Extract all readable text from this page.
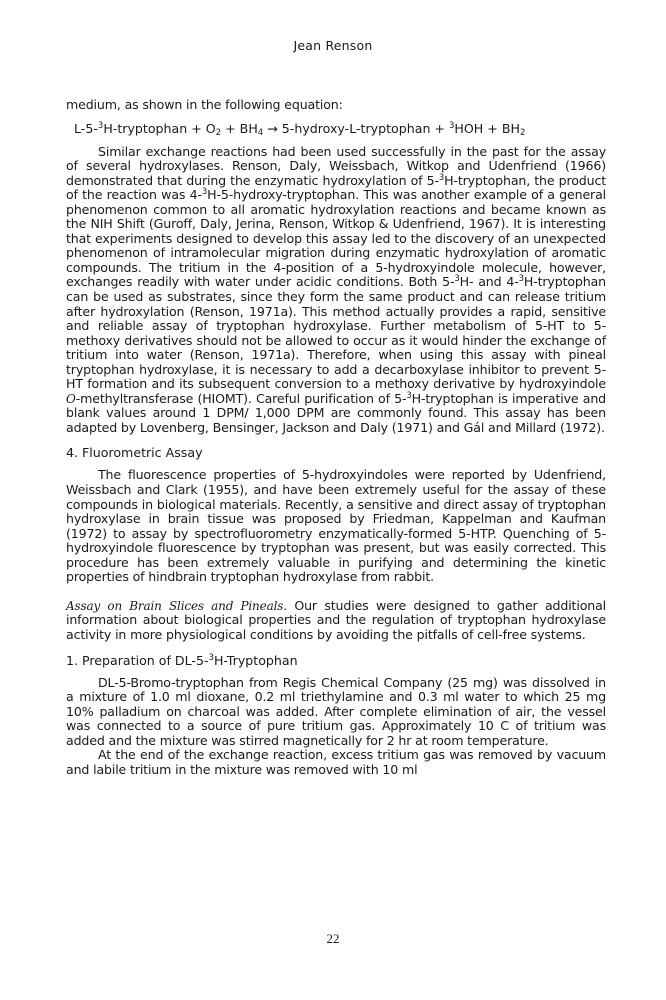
Jean Renson

medium, as shown in the following equation:

L-5-$^3$H-tryptophan + $O_2 + BH_4$ → 5-hydroxy-L-tryptophan + $^3HOH + BH_2$

Similar exchange reactions had been used successfully in the past for the assay of several hydroxylases. Renson, Daly, Weissbach, Witkop and Udenfriend (1966) demonstrated that during the enzymatic hydroxylation of 5-$^3$H-tryptophan, the product of the reaction was 4-$^3$H-5-hydroxy-tryptophan. This was another example of a general phenomenon common to all aromatic hydroxylation reactions and became known as the NIH Shift (Guroff, Daly, Jerina, Renson, Witkop & Udenfriend, 1967). It is interesting that experiments designed to develop this assay led to the discovery of an unexpected phenomenon of intramolecular migration during enzymatic hydroxylation of aromatic compounds. The tritium in the 4-position of a 5-hydroxyindole molecule, however, exchanges readily with water under acidic conditions. Both 5-$^3$H- and 4-$^3$H-tryptophan can be used as substrates, since they form the same product and can release tritium after hydroxylation (Renson, 1971a). This method actually provides a rapid, sensitive and reliable assay of tryptophan hydroxylase. Further metabolism of 5-HT to 5-methoxy derivatives should not be allowed to occur as it would hinder the exchange of tritium into water (Renson, 1971a). Therefore, when using this assay with pineal tryptophan hydroxylase, it is necessary to add a decarboxylase inhibitor to prevent 5-HT formation and its subsequent conversion to a methoxy derivative by hydroxyindole O-methyltransferase (HIOMT). Careful purification of 5-$^3$H-tryptophan is imperative and blank values around 1 DPM/ 1,000 DPM are commonly found. This assay has been adapted by Lovenberg, Bensinger, Jackson and Daly (1971) and Gál and Millard (1972).

4. Fluorometric Assay

The fluorescence properties of 5-hydroxyindoles were reported by Udenfriend, Weissbach and Clark (1955), and have been extremely useful for the assay of these compounds in biological materials. Recently, a sensitive and direct assay of tryptophan hydroxylase in brain tissue was proposed by Friedman, Kappelman and Kaufman (1972) to assay by spectrofluorometry enzymatically-formed 5-HTP. Quenching of 5-hydroxyindole fluorescence by tryptophan was present, but was easily corrected. This procedure has been extremely valuable in purifying and determining the kinetic properties of hindbrain tryptophan hydroxylase from rabbit.

Assay on Brain Slices and Pineals. Our studies were designed to gather additional information about biological properties and the regulation of tryptophan hydroxylase activity in more physiological conditions by avoiding the pitfalls of cell-free systems.

1. Preparation of DL-5-$^3$H-Tryptophan

DL-5-Bromo-tryptophan from Regis Chemical Company (25 mg) was dissolved in a mixture of 1.0 ml dioxane, 0.2 ml triethylamine and 0.3 ml water to which 25 mg 10% palladium on charcoal was added. After complete elimination of air, the vessel was connected to a source of pure tritium gas. Approximately 10 C of tritium was added and the mixture was stirred magnetically for 2 hr at room temperature.

At the end of the exchange reaction, excess tritium gas was removed by vacuum and labile tritium in the mixture was removed with 10 ml

22
